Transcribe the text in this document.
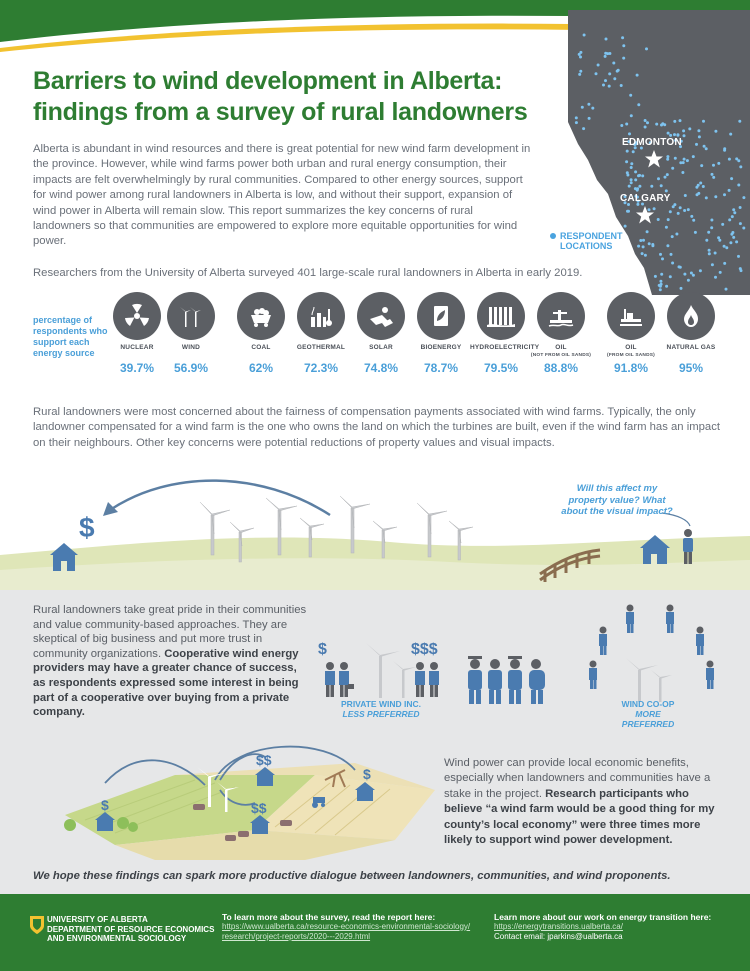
EDMONTON
CALGARY
RESPONDENT
LOCATIONS
Barriers to wind development in Alberta:
findings from a survey of rural landowners

Alberta is abundant in wind resources and there is great potential for new wind farm development in the province. However, while wind farms power both urban and rural energy consumption, their impacts are felt overwhelmingly by rural communities. Compared to other energy sources, support for wind power among rural landowners in Alberta is low, and without their support, expansion of wind power in Alberta will remain slow. This report summarizes the key concerns of rural landowners so that communities are empowered to explore more equitable opportunities for wind power.

Researchers from the University of Alberta surveyed 401 large-scale rural landowners in Alberta in early 2019.

percentage of respondents who support each energy source
NUCLEAR
39.7%
WIND
56.9%
COAL
62%
GEOTHERMAL
72.3%
SOLAR
74.8%
BIOENERGY
78.7%
HYDROELECTRICITY
79.5%
OIL
(NOT FROM OIL SANDS)
88.8%
OIL
(FROM OIL SANDS)
91.8%
NATURAL GAS
95%

Rural landowners were most concerned about the fairness of compensation payments associated with wind farms. Typically, the only landowner compensated for a wind farm is the one who owns the land on which the turbines are built, even if the wind farm has an impact on their neighbours. Other key concerns were potential reductions of property values and visual impacts.

$
Will this affect my
property value? What
about the visual impact?

Rural landowners take great pride in their communities and value community-based approaches. They are skeptical of big business and put more trust in community organizations. Cooperative wind energy providers may have a greater chance of success, as respondents expressed some interest in being part of a cooperative over buying from a private company.

$	$$$
PRIVATE WIND INC.
LESS PREFERRED
WIND CO-OP
MORE PREFERRED
$
$$
$$
$

Wind power can provide local economic benefits, especially when landowners and communities have a stake in the project. Research participants who believe “a wind farm would be a good thing for my county’s local economy” were three times more likely to support wind power development.

We hope these findings can spark more productive dialogue between landowners, communities, and wind proponents.

UNIVERSITY OF ALBERTA
DEPARTMENT OF RESOURCE ECONOMICS
AND ENVIRONMENTAL SOCIOLOGY
To learn more about the survey, read the report here:
https://www.ualberta.ca/resource-economics-environmental-sociology/
research/project-reports/2020---2029.html
Learn more about our work on energy transition here:
https://energytransitions.ualberta.ca/
Contact email: jparkins@ualberta.ca
